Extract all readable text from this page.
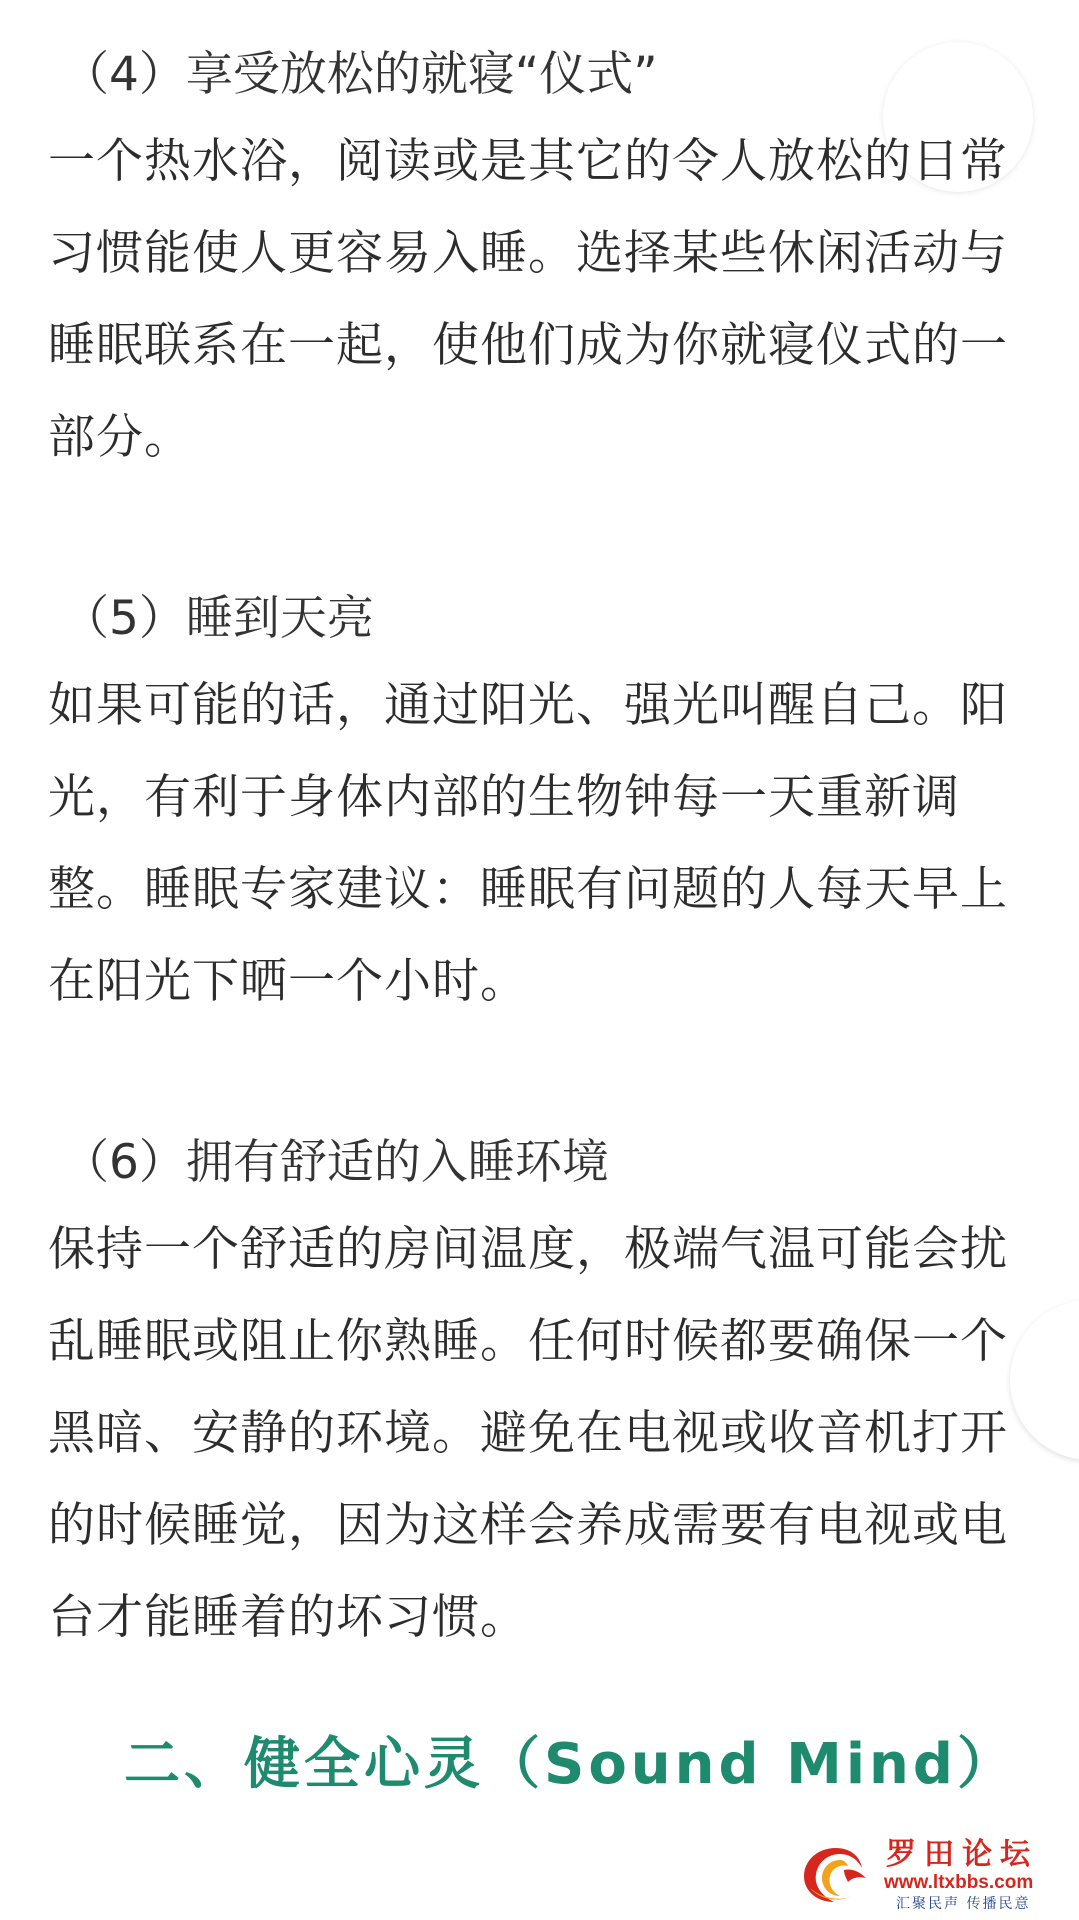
（4）享受放松的就寝“仪式”

一个热水浴，阅读或是其它的令人放松的日常习惯能使人更容易入睡。选择某些休闲活动与睡眠联系在一起，使他们成为你就寝仪式的一部分。

（5）睡到天亮

如果可能的话，通过阳光、强光叫醒自己。阳光，有利于身体内部的生物钟每一天重新调整。睡眠专家建议：睡眠有问题的人每天早上在阳光下晒一个小时。

（6）拥有舒适的入睡环境

保持一个舒适的房间温度，极端气温可能会扰乱睡眠或阻止你熟睡。任何时候都要确保一个黑暗、安静的环境。避免在电视或收音机打开的时候睡觉，因为这样会养成需要有电视或电台才能睡着的坏习惯。

二、健全心灵（Sound Mind）
罗田论坛
www.ltxbbs.com
汇聚民声 传播民意
